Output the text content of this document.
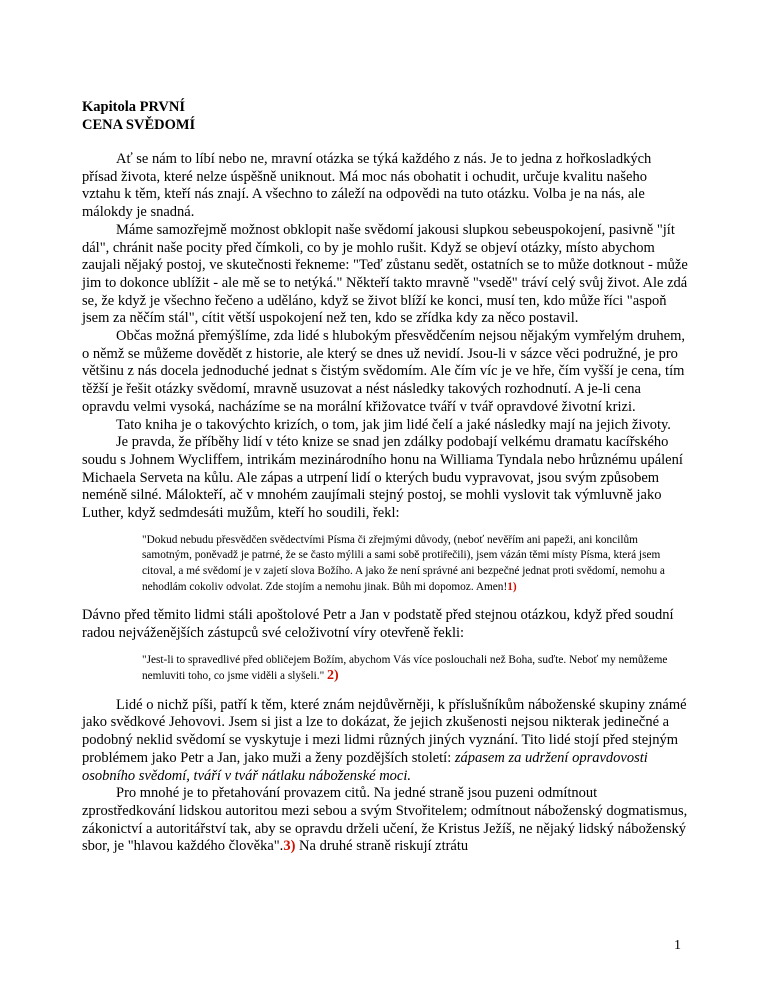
Kapitola PRVNÍ

CENA SVĚDOMÍ

Ať se nám to líbí nebo ne, mravní otázka se týká každého z nás. Je to jedna z hořkosladkých přísad života, které nelze úspěšně uniknout. Má moc nás obohatit i ochudit, určuje kvalitu našeho vztahu k těm, kteří nás znají. A všechno to záleží na odpovědi na tuto otázku. Volba je na nás, ale málokdy je snadná.

Máme samozřejmě možnost obklopit naše svědomí jakousi slupkou sebeuspokojení, pasivně "jít dál", chránit naše pocity před čímkoli, co by je mohlo rušit. Když se objeví otázky, místo abychom zaujali nějaký postoj, ve skutečnosti řekneme: "Teď zůstanu sedět, ostatních se to může dotknout - může jim to dokonce ublížit - ale mě se to netýká." Někteří takto mravně "vsedě" tráví celý svůj život. Ale zdá se, že když je všechno řečeno a uděláno, když se život blíží ke konci, musí ten, kdo může říci "aspoň jsem za něčím stál", cítit větší uspokojení než ten, kdo se zřídka kdy za něco postavil.

Občas možná přemýšlíme, zda lidé s hlubokým přesvědčením nejsou nějakým vymřelým druhem, o němž se můžeme dovědět z historie, ale který se dnes už nevidí. Jsou-li v sázce věci podružné, je pro většinu z nás docela jednoduché jednat s čistým svědomím. Ale čím víc je ve hře, čím vyšší je cena, tím těžší je řešit otázky svědomí, mravně usuzovat a nést následky takových rozhodnutí. A je-li cena opravdu velmi vysoká, nacházíme se na morální křižovatce tváří v tvář opravdové životní krizi.

Tato kniha je o takovýchto krizích, o tom, jak jim lidé čelí a jaké následky mají na jejich životy.

Je pravda, že příběhy lidí v této knize se snad jen zdálky podobají velkému dramatu kacířského soudu s Johnem Wycliffem, intrikám mezinárodního honu na Williama Tyndala nebo hrůznému upálení Michaela Serveta na kůlu. Ale zápas a utrpení lidí o kterých budu vypravovat, jsou svým způsobem neméně silné. Málokteří, ač v mnohém zaujímali stejný postoj, se mohli vyslovit tak výmluvně jako Luther, když sedmdesáti mužům, kteří ho soudili, řekl:

"Dokud nebudu přesvědčen svědectvími Písma či zřejmými důvody, (neboť nevěřím ani papeži, ani koncilům samotným, poněvadž je patrné, že se často mýlili a sami sobě protiřečili), jsem vázán těmi místy Písma, která jsem citoval, a mé svědomí je v zajetí slova Božího. A jako že není správné ani bezpečné jednat proti svědomí, nemohu a nehodlám cokoliv odvolat. Zde stojím a nemohu jinak. Bůh mi dopomoz. Amen!1)

Dávno před těmito lidmi stáli apoštolové Petr a Jan v podstatě před stejnou otázkou, když před soudní radou nejváženějších zástupců své celoživotní víry otevřeně řekli:

"Jest-li to spravedlivé před obličejem Božím, abychom Vás více poslouchali než Boha, suďte. Neboť my nemůžeme nemluviti toho, co jsme viděli a slyšeli." 2)

Lidé o nichž píši, patří k těm, které znám nejdůvěrněji, k příslušníkům náboženské skupiny známé jako svědkové Jehovovi. Jsem si jist a lze to dokázat, že jejich zkušenosti nejsou nikterak jedinečné a podobný neklid svědomí se vyskytuje i mezi lidmi různých jiných vyznání. Tito lidé stojí před stejným problémem jako Petr a Jan, jako muži a ženy pozdějších století: zápasem za udržení opravdovosti osobního svědomí, tváří v tvář nátlaku náboženské moci.

Pro mnohé je to přetahování provazem citů. Na jedné straně jsou puzeni odmítnout zprostředkování lidskou autoritou mezi sebou a svým Stvořitelem; odmítnout náboženský dogmatismus, zákonictví a autoritářství tak, aby se opravdu drželi učení, že Kristus Ježíš, ne nějaký lidský náboženský sbor, je "hlavou každého člověka".3) Na druhé straně riskují ztrátu

1
